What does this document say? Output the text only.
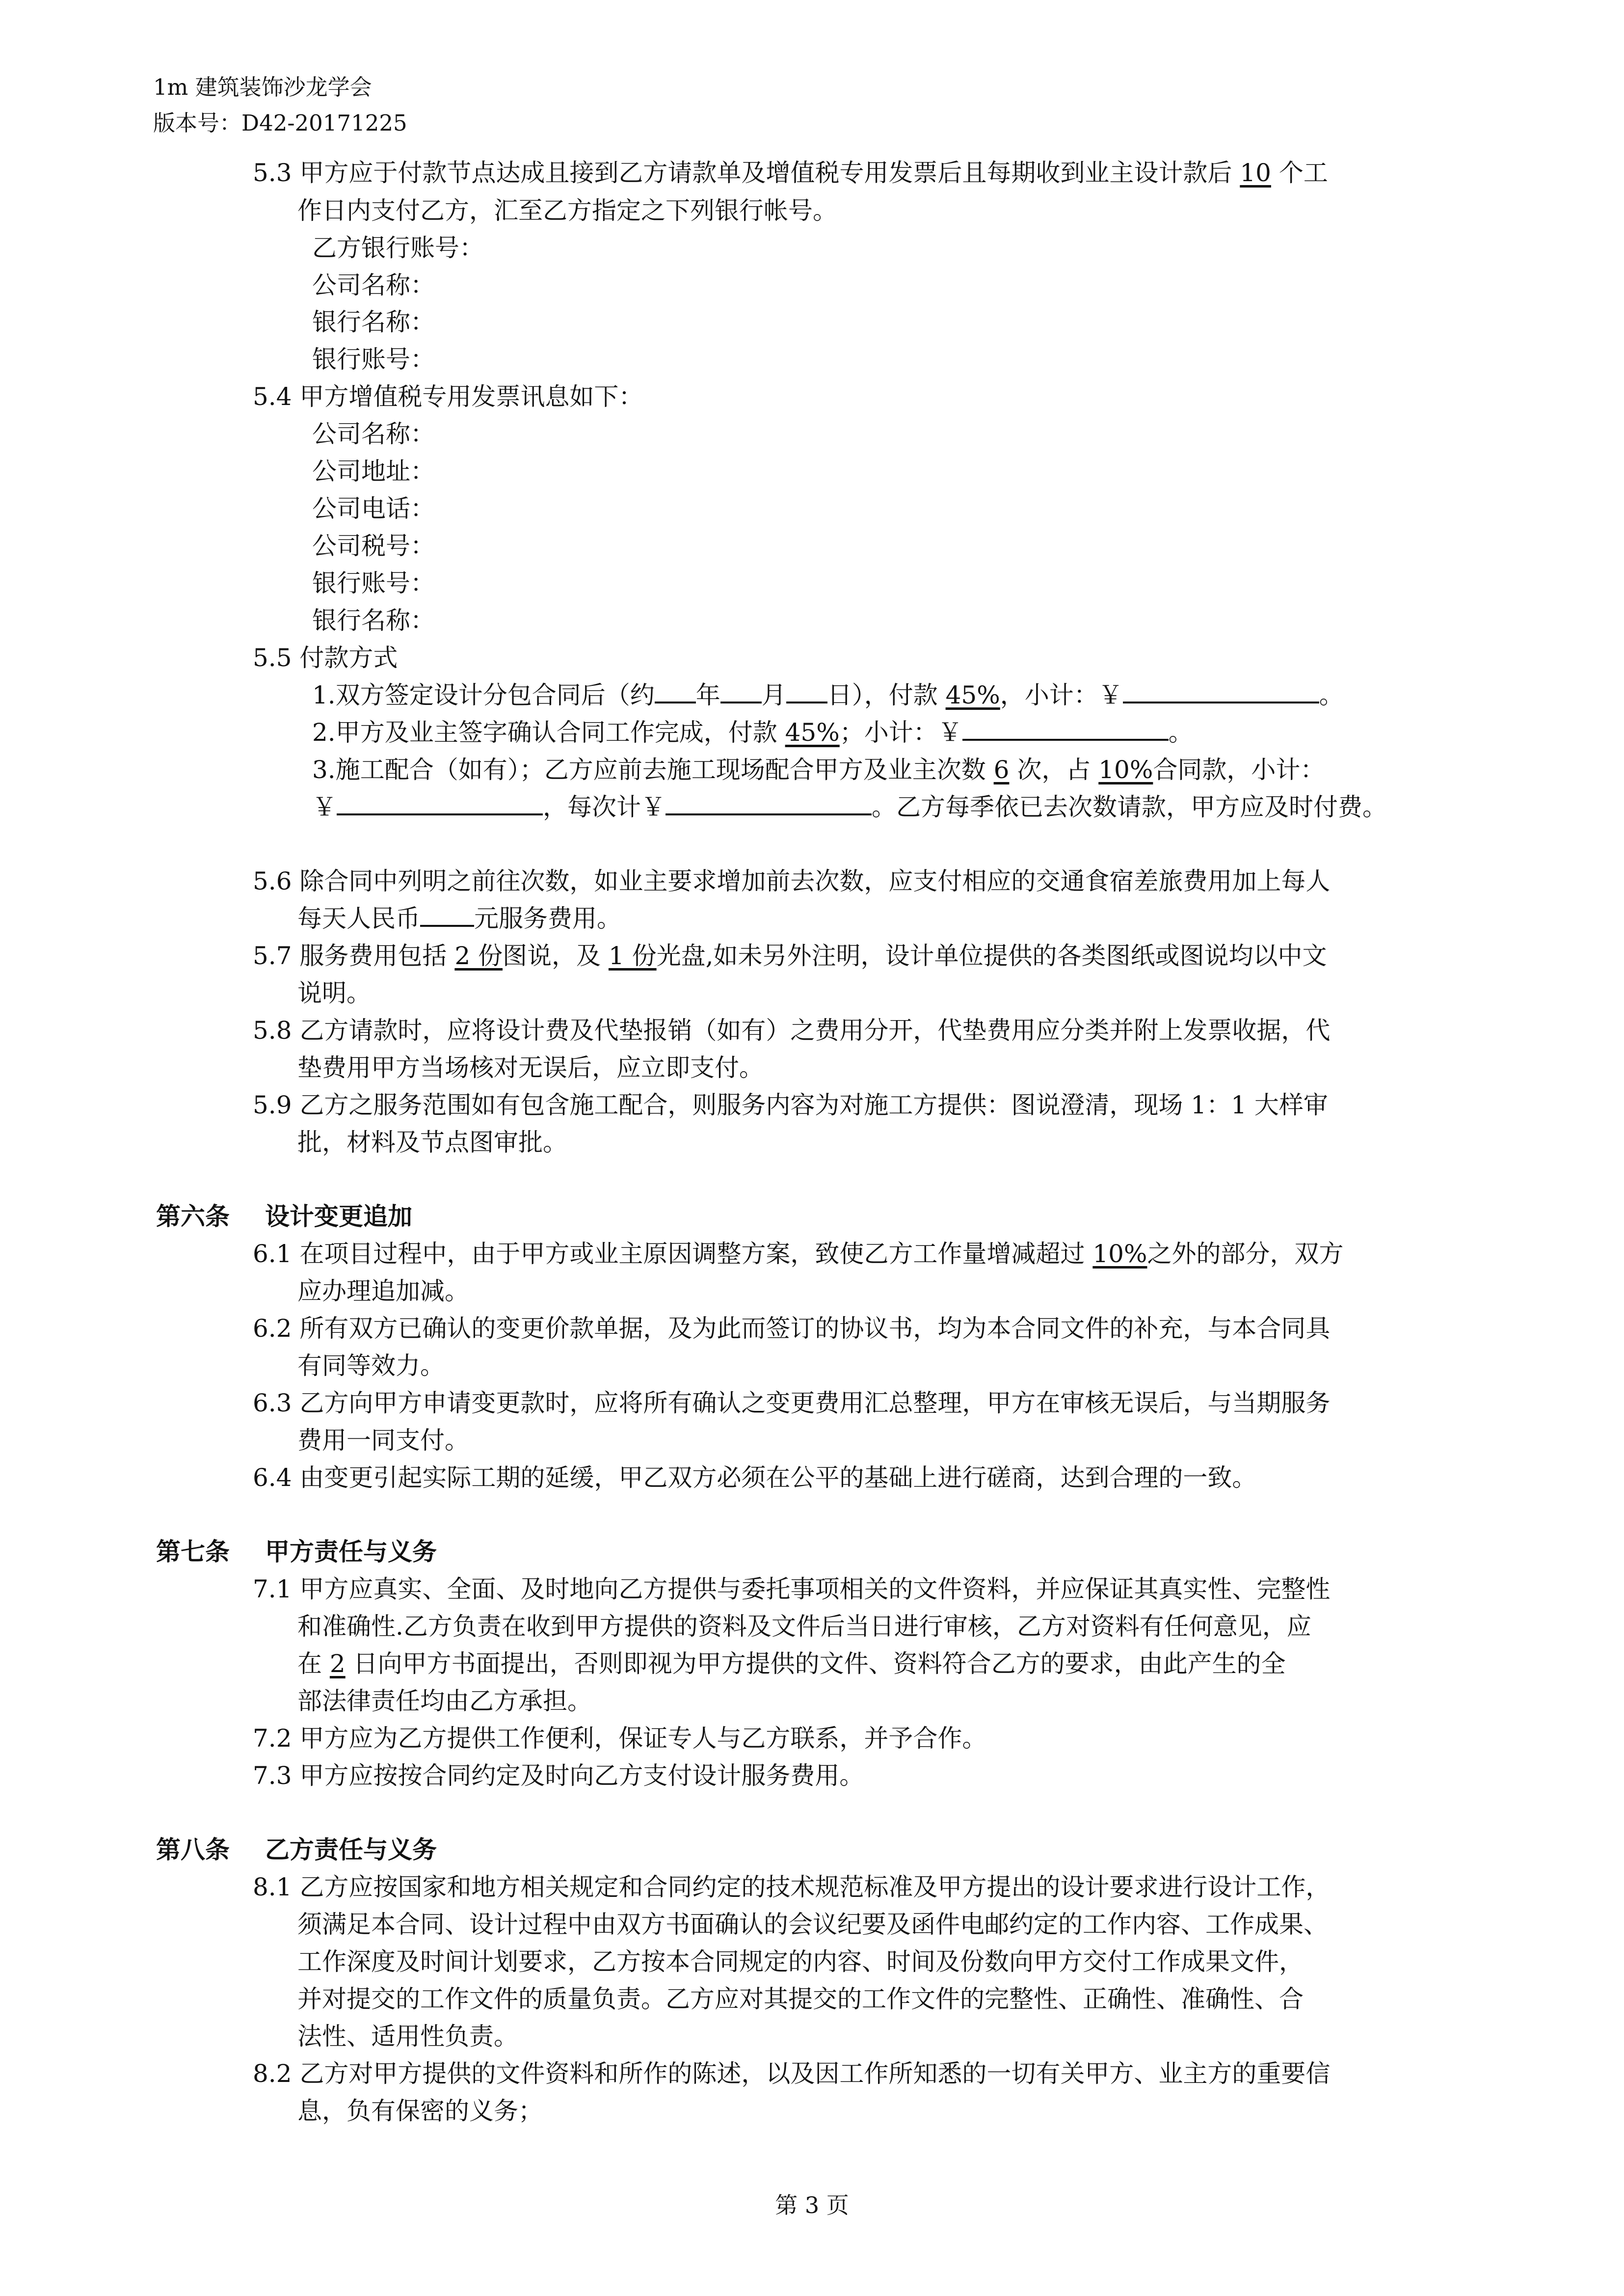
1m 建筑装饰沙龙学会
版本号：D42-20171225
5.3 甲方应于付款节点达成且接到乙方请款单及增值税专用发票后且每期收到业主设计款后 10 个工
作日内支付乙方，汇至乙方指定之下列银行帐号。
乙方银行账号：
公司名称：
银行名称：
银行账号：
5.4 甲方增值税专用发票讯息如下：
公司名称：
公司地址：
公司电话：
公司税号：
银行账号：
银行名称：
5.5 付款方式
1.双方签定设计分包合同后（约 年 月 日），付款 45%，小计：￥	。
2.甲方及业主签字确认合同工作完成，付款 45%；小计：￥	。
3.施工配合（如有）；乙方应前去施工现场配合甲方及业主次数 6 次，占 10%合同款，小计：
￥	，每次计￥	。乙方每季依已去次数请款，甲方应及时付费。
5.6 除合同中列明之前往次数，如业主要求增加前去次数，应支付相应的交通食宿差旅费用加上每人
每天人民币 元服务费用。
5.7 服务费用包括 2 份图说，及 1 份光盘,如未另外注明，设计单位提供的各类图纸或图说均以中文
说明。
5.8 乙方请款时，应将设计费及代垫报销（如有）之费用分开，代垫费用应分类并附上发票收据，代
垫费用甲方当场核对无误后，应立即支付。
5.9 乙方之服务范围如有包含施工配合，则服务内容为对施工方提供：图说澄清，现场 1：1 大样审
批，材料及节点图审批。
第六条 设计变更追加
6.1 在项目过程中，由于甲方或业主原因调整方案，致使乙方工作量增减超过 10%之外的部分，双方
应办理追加减。
6.2 所有双方已确认的变更价款单据，及为此而签订的协议书，均为本合同文件的补充，与本合同具
有同等效力。
6.3 乙方向甲方申请变更款时，应将所有确认之变更费用汇总整理，甲方在审核无误后，与当期服务
费用一同支付。
6.4 由变更引起实际工期的延缓，甲乙双方必须在公平的基础上进行磋商，达到合理的一致。
第七条 甲方责任与义务
7.1 甲方应真实、全面、及时地向乙方提供与委托事项相关的文件资料，并应保证其真实性、完整性
和准确性.乙方负责在收到甲方提供的资料及文件后当日进行审核，乙方对资料有任何意见，应
在 2 日向甲方书面提出，否则即视为甲方提供的文件、资料符合乙方的要求，由此产生的全
部法律责任均由乙方承担。
7.2 甲方应为乙方提供工作便利，保证专人与乙方联系，并予合作。
7.3 甲方应按按合同约定及时向乙方支付设计服务费用。
第八条 乙方责任与义务
8.1 乙方应按国家和地方相关规定和合同约定的技术规范标准及甲方提出的设计要求进行设计工作，
须满足本合同、设计过程中由双方书面确认的会议纪要及函件电邮约定的工作内容、工作成果、
工作深度及时间计划要求，乙方按本合同规定的内容、时间及份数向甲方交付工作成果文件，
并对提交的工作文件的质量负责。乙方应对其提交的工作文件的完整性、正确性、准确性、合
法性、适用性负责。
8.2 乙方对甲方提供的文件资料和所作的陈述，以及因工作所知悉的一切有关甲方、业主方的重要信
息，负有保密的义务；
第 3 页
